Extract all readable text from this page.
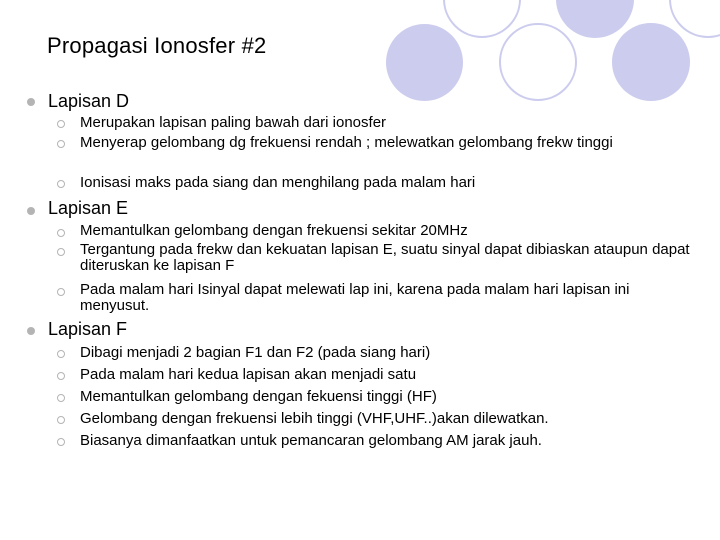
Propagasi Ionosfer #2
Lapisan D
Merupakan lapisan paling bawah dari ionosfer
Menyerap gelombang dg frekuensi rendah ; melewatkan gelombang frekw tinggi
Ionisasi maks pada siang dan menghilang pada malam hari
Lapisan E
Memantulkan gelombang dengan frekuensi sekitar 20MHz
Tergantung pada frekw dan kekuatan lapisan E, suatu sinyal dapat dibiaskan ataupun dapat diteruskan ke lapisan F
Pada malam hari Isinyal dapat melewati lap ini, karena pada malam hari lapisan ini menyusut.
Lapisan F
Dibagi menjadi 2 bagian F1 dan F2 (pada siang hari)
Pada malam hari kedua lapisan akan menjadi satu
Memantulkan gelombang dengan fekuensi tinggi (HF)
Gelombang dengan frekuensi lebih tinggi (VHF,UHF..)akan dilewatkan.
Biasanya dimanfaatkan untuk pemancaran gelombang AM jarak jauh.
